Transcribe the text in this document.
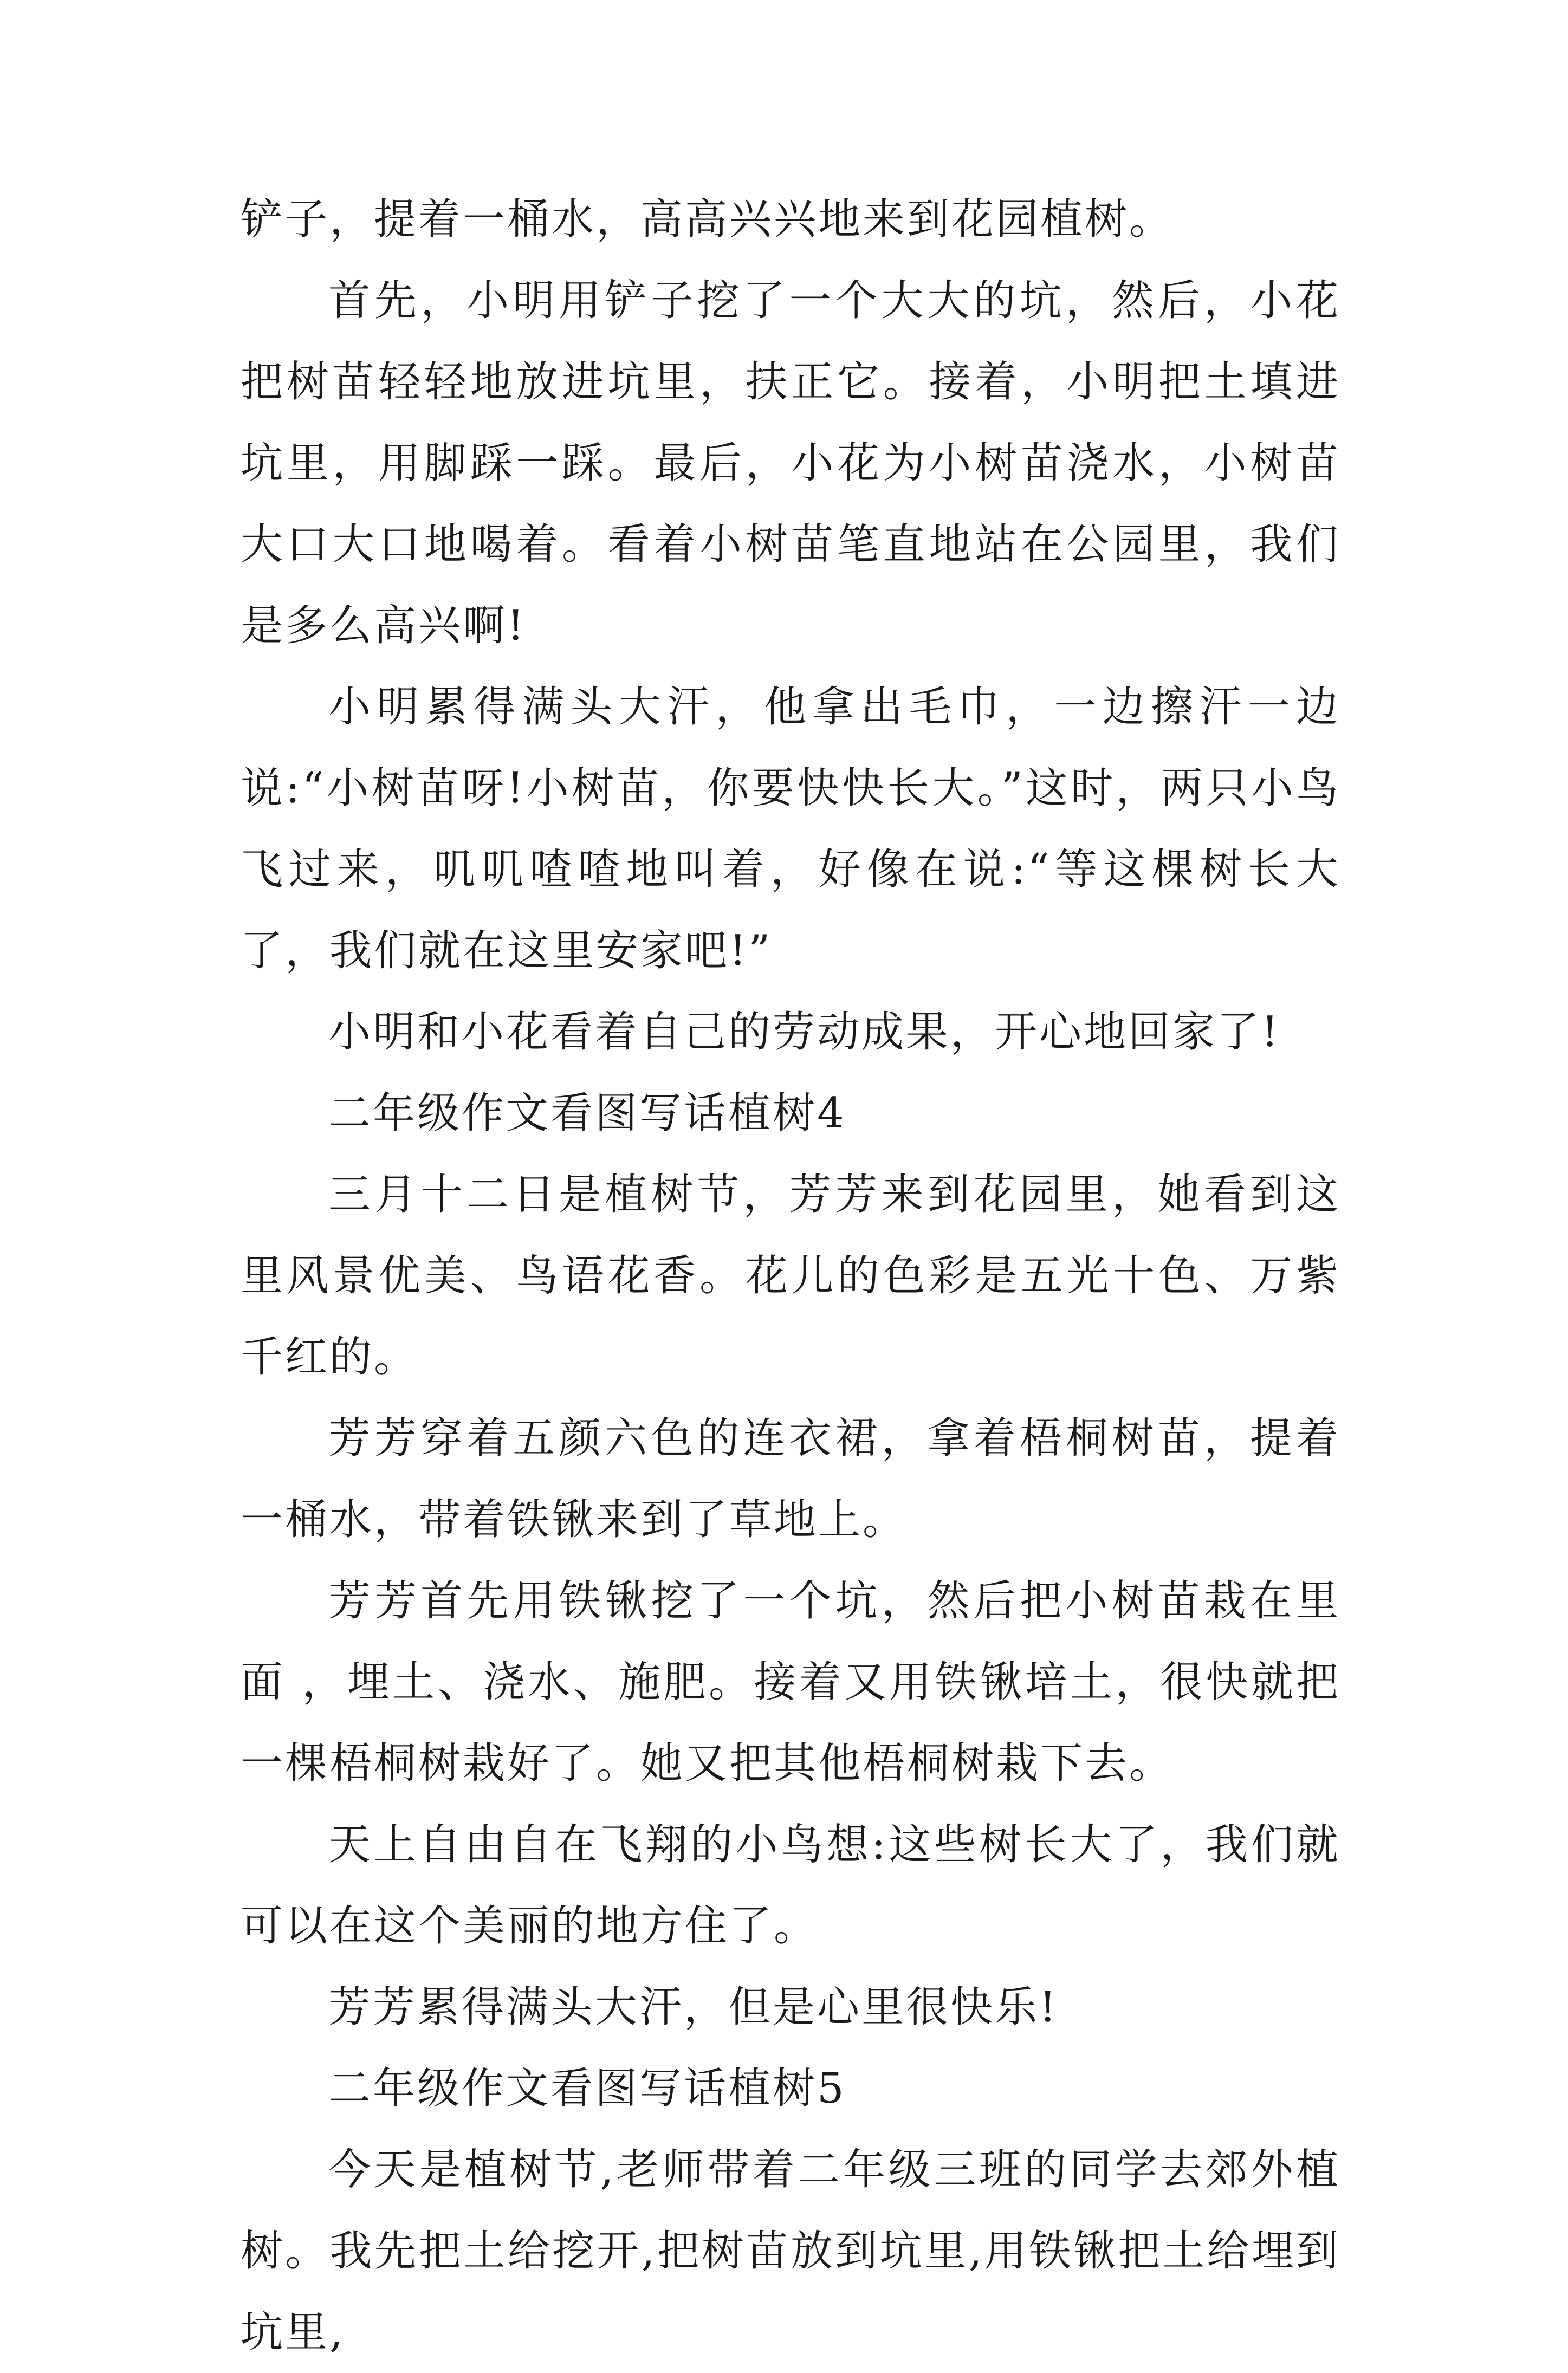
铲子，提着一桶水，高高兴兴地来到花园植树。

首先，小明用铲子挖了一个大大的坑，然后，小花把树苗轻轻地放进坑里，扶正它。接着，小明把土填进坑里，用脚踩一踩。最后，小花为小树苗浇水，小树苗大口大口地喝着。看着小树苗笔直地站在公园里，我们是多么高兴啊!

小明累得满头大汗，他拿出毛巾，一边擦汗一边说:“小树苗呀!小树苗，你要快快长大。”这时，两只小鸟飞过来，叽叽喳喳地叫着，好像在说:“等这棵树长大了，我们就在这里安家吧!”

小明和小花看着自己的劳动成果，开心地回家了!

二年级作文看图写话植树4

三月十二日是植树节，芳芳来到花园里，她看到这里风景优美、鸟语花香。花儿的色彩是五光十色、万紫千红的。

芳芳穿着五颜六色的连衣裙，拿着梧桐树苗，提着一桶水，带着铁锹来到了草地上。

芳芳首先用铁锹挖了一个坑，然后把小树苗栽在里面 ，埋土、浇水、施肥。接着又用铁锹培土，很快就把一棵梧桐树栽好了。她又把其他梧桐树栽下去。

天上自由自在飞翔的小鸟想:这些树长大了，我们就可以在这个美丽的地方住了。

芳芳累得满头大汗，但是心里很快乐!

二年级作文看图写话植树5

今天是植树节,老师带着二年级三班的同学去郊外植树。我先把土给挖开,把树苗放到坑里,用铁锹把土给埋到坑里,
